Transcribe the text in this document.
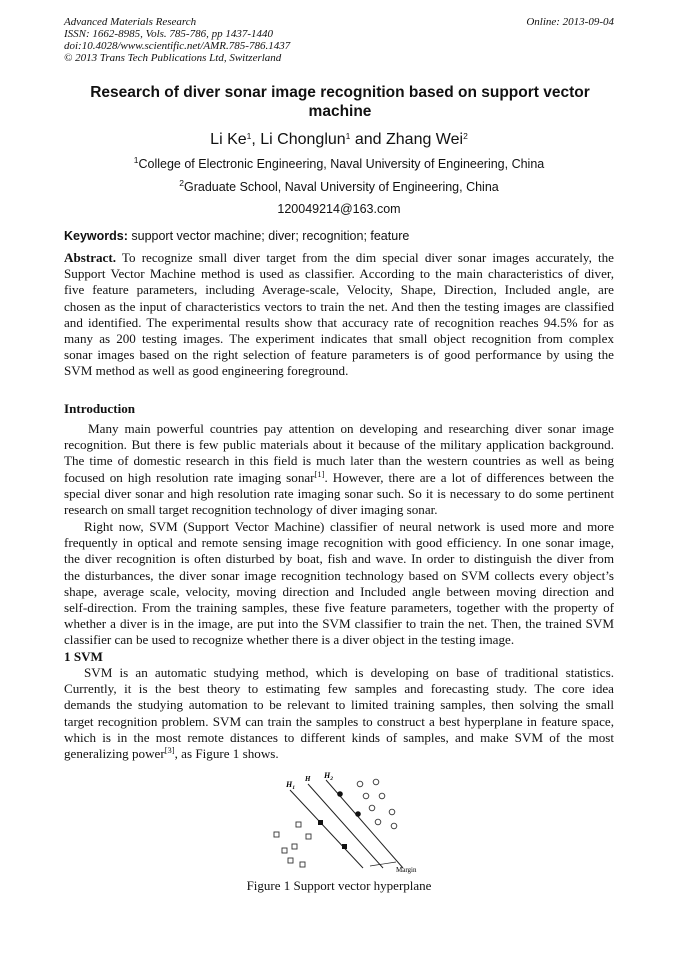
Advanced Materials Research
ISSN: 1662-8985, Vols. 785-786, pp 1437-1440
doi:10.4028/www.scientific.net/AMR.785-786.1437
© 2013 Trans Tech Publications Ltd, Switzerland
Online: 2013-09-04
Research of diver sonar image recognition based on support vector machine
Li Ke$^1$, Li Chonglun$^1$ and Zhang Wei$^2$
$^1$College of Electronic Engineering, Naval University of Engineering, China
$^2$Graduate School, Naval University of Engineering, China
120049214@163.com
Keywords: support vector machine; diver; recognition; feature
Abstract. To recognize small diver target from the dim special diver sonar images accurately, the
Support Vector Machine method is used as classifier. According to the main characteristics of diver,
five feature parameters, including Average-scale, Velocity, Shape, Direction, Included angle, are
chosen as the input of characteristics vectors to train the net. And then the testing images are classified
and identified. The experimental results show that accuracy rate of recognition reaches 94.5% for as
many as 200 testing images. The experiment indicates that small object recognition from complex
sonar images based on the right selection of feature parameters is of good performance by using the
SVM method as well as good engineering foreground.
Introduction
Many main powerful countries pay attention on developing and researching diver sonar image
recognition. But there is few public materials about it because of the military application background.
The time of domestic research in this field is much later than the western countries as well as being
focused on high resolution rate imaging sonar[1]. However, there are a lot of differences between the
special diver sonar and high resolution rate imaging sonar such. So it is necessary to do some pertinent
research on small target recognition technology of diver imaging sonar.
Right now, SVM (Support Vector Machine) classifier of neural network is used more and more
frequently in optical and remote sensing image recognition with good efficiency. In one sonar image,
the diver recognition is often disturbed by boat, fish and wave. In order to distinguish the diver from
the disturbances, the diver sonar image recognition technology based on SVM collects every object’s
shape, average scale, velocity, moving direction and Included angle between moving direction and
self-direction. From the training samples, these five feature parameters, together with the property of
whether a diver is in the image, are put into the SVM classifier to train the net. Then, the trained SVM
classifier can be used to recognize whether there is a diver object in the testing image.
1 SVM
SVM is an automatic studying method, which is developing on base of traditional statistics.
Currently, it is the best theory to estimating few samples and forecasting study. The core idea
demands the studying automation to be relevant to limited training samples, then solving the small
target recognition problem. SVM can train the samples to construct a best hyperplane in feature space,
which is in the most remote distances to different kinds of samples, and make SVM of the most
generalizing power[3], as Figure 1 shows.
$H_1$
H $H_2$
Margin
Figure 1 Support vector hyperplane
